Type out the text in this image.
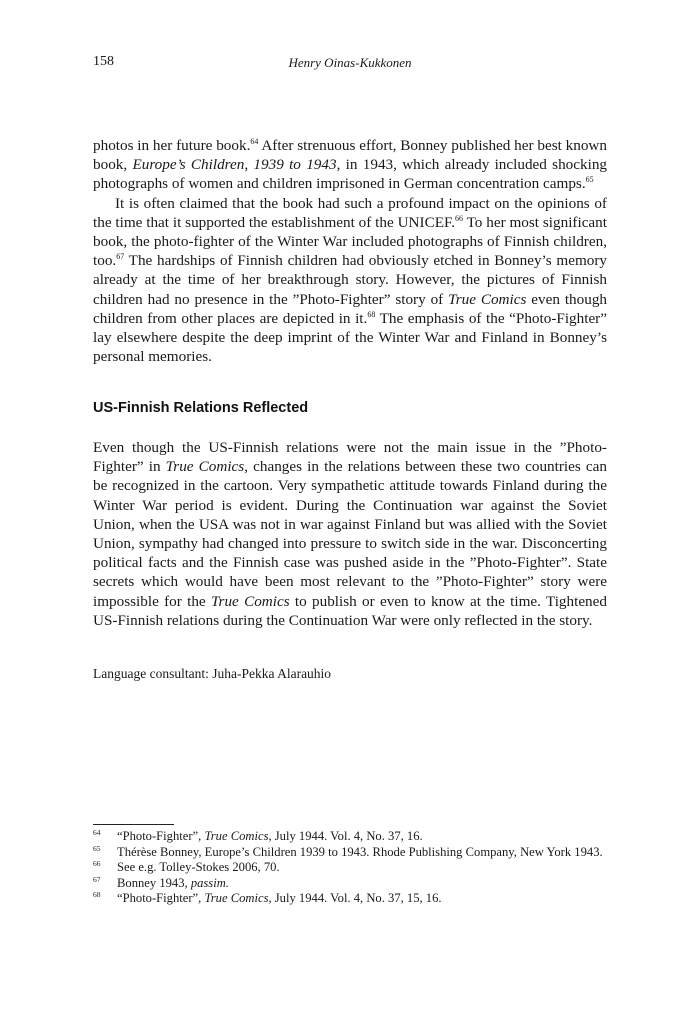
158	Henry Oinas-Kukkonen

photos in her future book.$^{64}$ After strenuous effort, Bonney published her best known book, Europe’s Children, 1939 to 1943, in 1943, which already included shocking photographs of women and children imprisoned in German concentration camps.$^{65}$

It is often claimed that the book had such a profound impact on the opinions of the time that it supported the establishment of the UNICEF.$^{66}$ To her most significant book, the photo-fighter of the Winter War included photographs of Finnish children, too.$^{67}$ The hardships of Finnish children had obviously etched in Bonney’s memory already at the time of her breakthrough story. However, the pictures of Finnish children had no presence in the ”Photo-Fighter” story of True Comics even though children from other places are depicted in it.$^{68}$ The emphasis of the “Photo-Fighter” lay elsewhere despite the deep imprint of the Winter War and Finland in Bonney’s personal memories.

US-Finnish Relations Reflected

Even though the US-Finnish relations were not the main issue in the ”Photo-Fighter” in True Comics, changes in the relations between these two countries can be recognized in the cartoon. Very sympathetic attitude towards Finland during the Winter War period is evident. During the Continuation war against the Soviet Union, when the USA was not in war against Finland but was allied with the Soviet Union, sympathy had changed into pressure to switch side in the war. Disconcerting political facts and the Finnish case was pushed aside in the ”Photo-Fighter”. State secrets which would have been most relevant to the ”Photo-Fighter” story were impossible for the True Comics to publish or even to know at the time. Tightened US-Finnish relations during the Continuation War were only reflected in the story.

Language consultant: Juha-Pekka Alarauhio
64 “Photo-Fighter”, True Comics, July 1944. Vol. 4, No. 37, 16.
65 Thérèse Bonney, Europe’s Children 1939 to 1943. Rhode Publishing Company, New York 1943.
66 See e.g. Tolley-Stokes 2006, 70.
67 Bonney 1943, passim.
68 “Photo-Fighter”, True Comics, July 1944. Vol. 4, No. 37, 15, 16.
